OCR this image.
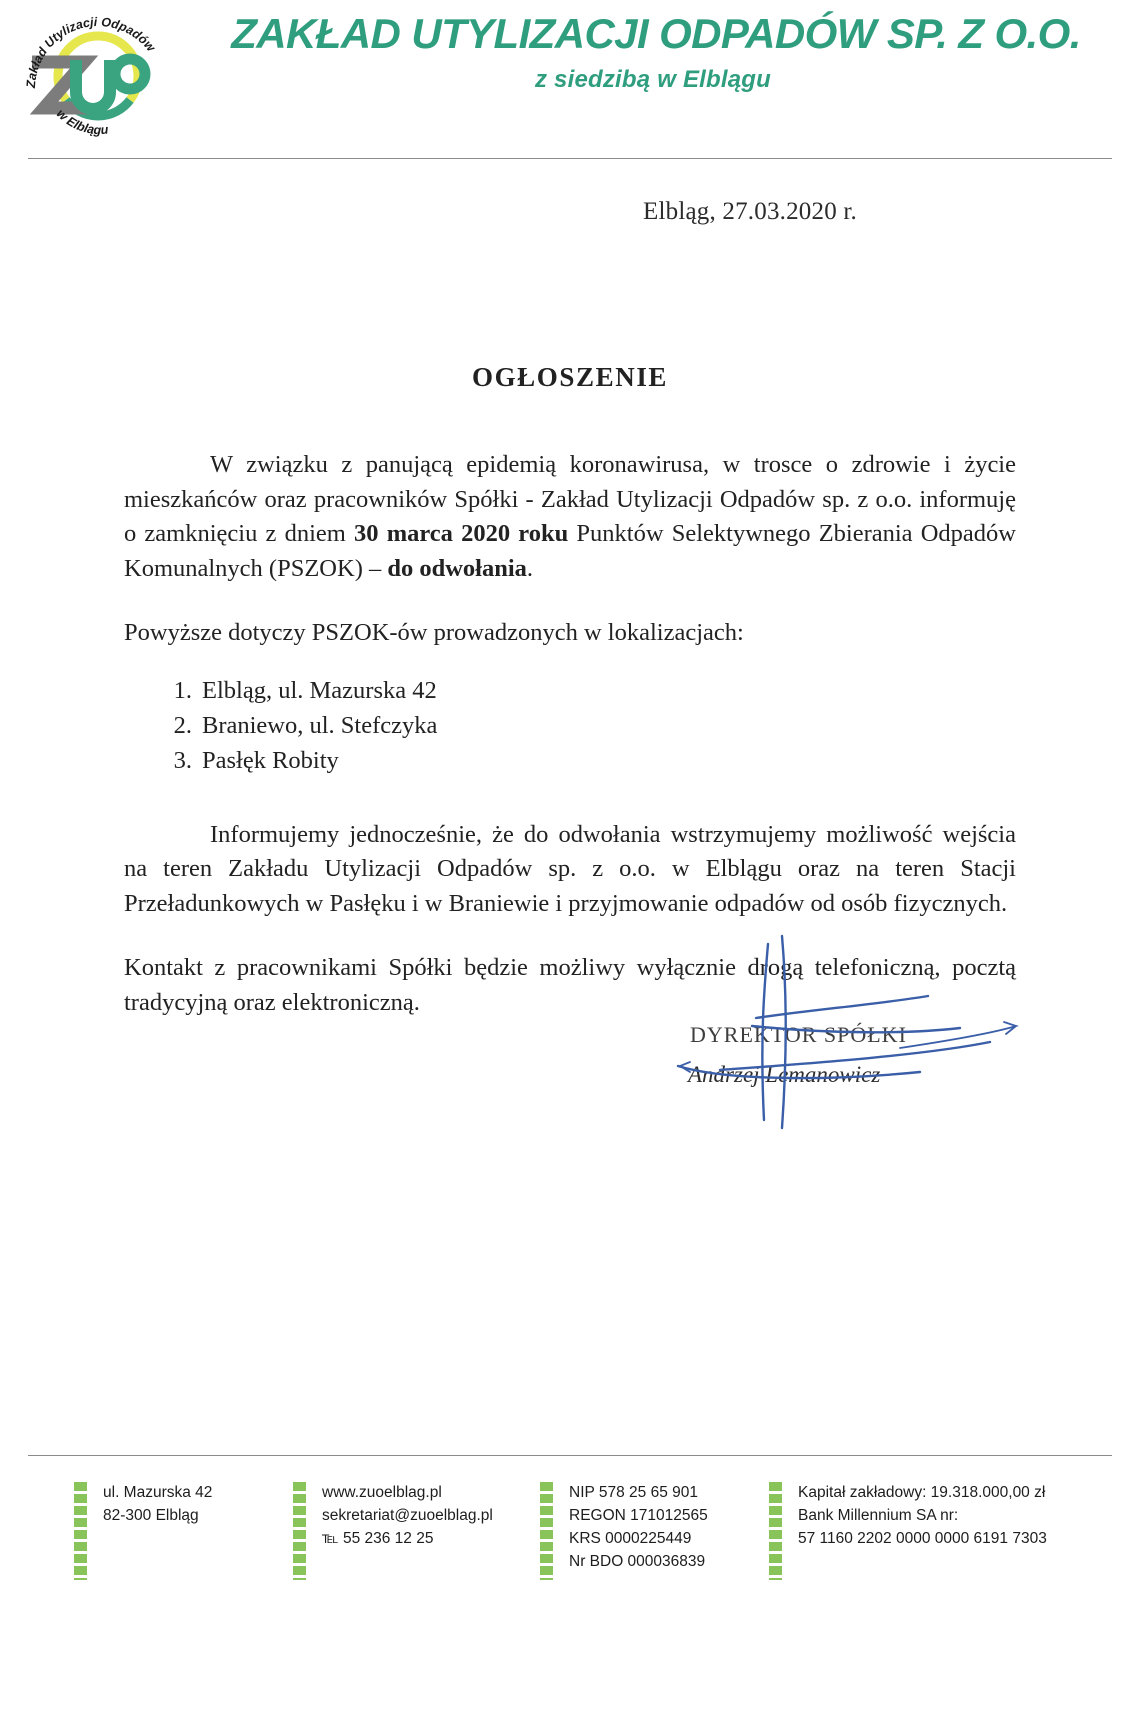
Zakład Utylizacji Odpadów
w Elblągu
ZAKŁAD UTYLIZACJI ODPADÓW SP. Z O.O.
z siedzibą w Elblągu
Elbląg, 27.03.2020 r.
OGŁOSZENIE

W związku z panującą epidemią koronawirusa, w trosce o zdrowie i życie mieszkańców oraz pracowników Spółki - Zakład Utylizacji Odpadów sp. z o.o. informuję o zamknięciu z dniem 30 marca 2020 roku Punktów Selektywnego Zbierania Odpadów Komunalnych (PSZOK) – do odwołania.

Powyższe dotyczy PSZOK-ów prowadzonych w lokalizacjach:

1. Elbląg, ul. Mazurska 42
2. Braniewo, ul. Stefczyka
3. Pasłęk Robity

Informujemy jednocześnie, że do odwołania wstrzymujemy możliwość wejścia na teren Zakładu Utylizacji Odpadów sp. z o.o. w Elblągu oraz na teren Stacji Przeładunkowych w Pasłęku i w Braniewie i przyjmowanie odpadów od osób fizycznych.

Kontakt z pracownikami Spółki będzie możliwy wyłącznie drogą telefoniczną, pocztą tradycyjną oraz elektroniczną.

DYREKTOR SPÓŁKI
Andrzej Lemanowicz
ul. Mazurska 42
82-300 Elbląg
www.zuoelblag.pl
sekretariat@zuoelblag.pl
℡ 55 236 12 25
NIP 578 25 65 901
REGON 171012565
KRS 0000225449
Nr BDO 000036839
Kapitał zakładowy: 19.318.000,00 zł
Bank Millennium SA nr:
57 1160 2202 0000 0000 6191 7303
